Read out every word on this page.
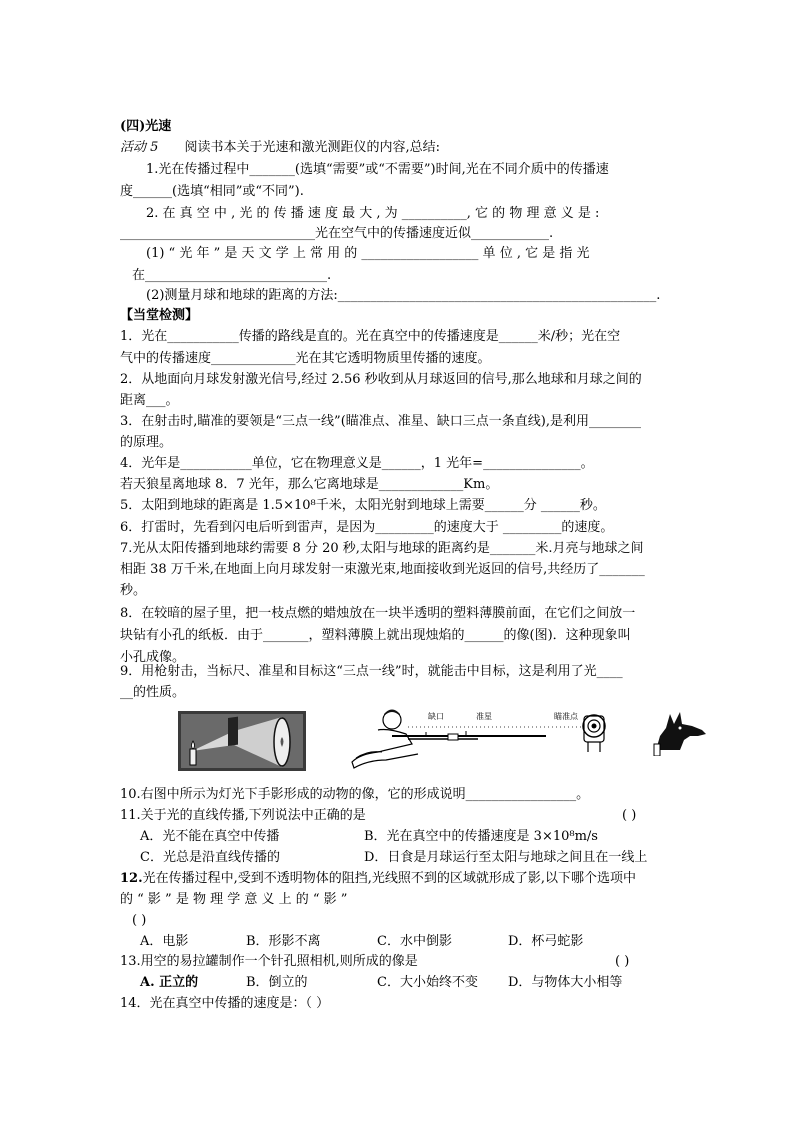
(四)光速
活动 5 阅读书本关于光速和激光测距仪的内容,总结:
1.光在传播过程中_______(选填“需要”或“不需要”)时间,光在不同介质中的传播速
度______(选填“相同”或“不同”).
2. 在 真 空 中 , 光 的 传 播 速 度 最 大 , 为 __________, 它 的 物 理 意 义 是 :
______________________________光在空气中的传播速度近似____________.
(1) “ 光 年 ” 是 天 文 学 上 常 用 的 __________________ 单 位 , 它 是 指 光
在____________________________.
(2)测量月球和地球的距离的方法:_________________________________________________.
【当堂检测】
1．光在___________传播的路线是直的。光在真空中的传播速度是______米/秒；光在空
气中的传播速度_____________光在其它透明物质里传播的速度。
2．从地面向月球发射激光信号,经过 2.56 秒收到从月球返回的信号,那么地球和月球之间的
距离___。
3．在射击时,瞄准的要领是“三点一线”(瞄准点、准星、缺口三点一条直线),是利用________
的原理。
4．光年是___________单位，它在物理意义是______，1 光年=_______________。
若天狼星离地球 8．7 光年，那么它离地球是_____________Km。
5．太阳到地球的距离是 1.5×10⁸千米，太阳光射到地球上需要______分 ______秒。
6．打雷时，先看到闪电后听到雷声，是因为_________的速度大于 _________的速度。
7.光从太阳传播到地球约需要 8 分 20 秒,太阳与地球的距离约是_______米.月亮与地球之间
相距 38 万千米,在地面上向月球发射一束激光束,地面接收到光返回的信号,共经历了_______
秒。
8．在较暗的屋子里，把一枝点燃的蜡烛放在一块半透明的塑料薄膜前面，在它们之间放一
块钻有小孔的纸板．由于_______，塑料薄膜上就出现烛焰的______的像(图)．这种现象叫
小孔成像。
9．用枪射击，当标尺、准星和目标这“三点一线”时，就能击中目标，这是利用了光____
__的性质。
缺口	准星	瞄准点
10.右图中所示为灯光下手影形成的动物的像，它的形成说明_________________。
11.关于光的直线传播,下列说法中正确的是	( )
A．光不能在真空中传播	B．光在真空中的传播速度是 3×10⁸m/s
C．光总是沿直线传播的	D．日食是月球运行至太阳与地球之间且在一线上
12.光在传播过程中,受到不透明物体的阻挡,光线照不到的区域就形成了影,以下哪个选项中
的 “ 影 ” 是 物 理 学 意 义 上 的 “ 影 ”
( )
A．电影	B．形影不离	C．水中倒影	D．杯弓蛇影
13.用空的易拉罐制作一个针孔照相机,则所成的像是	( )
A. 正立的	B．倒立的	C．大小始终不变 D．与物体大小相等
14．光在真空中传播的速度是：（ ）
